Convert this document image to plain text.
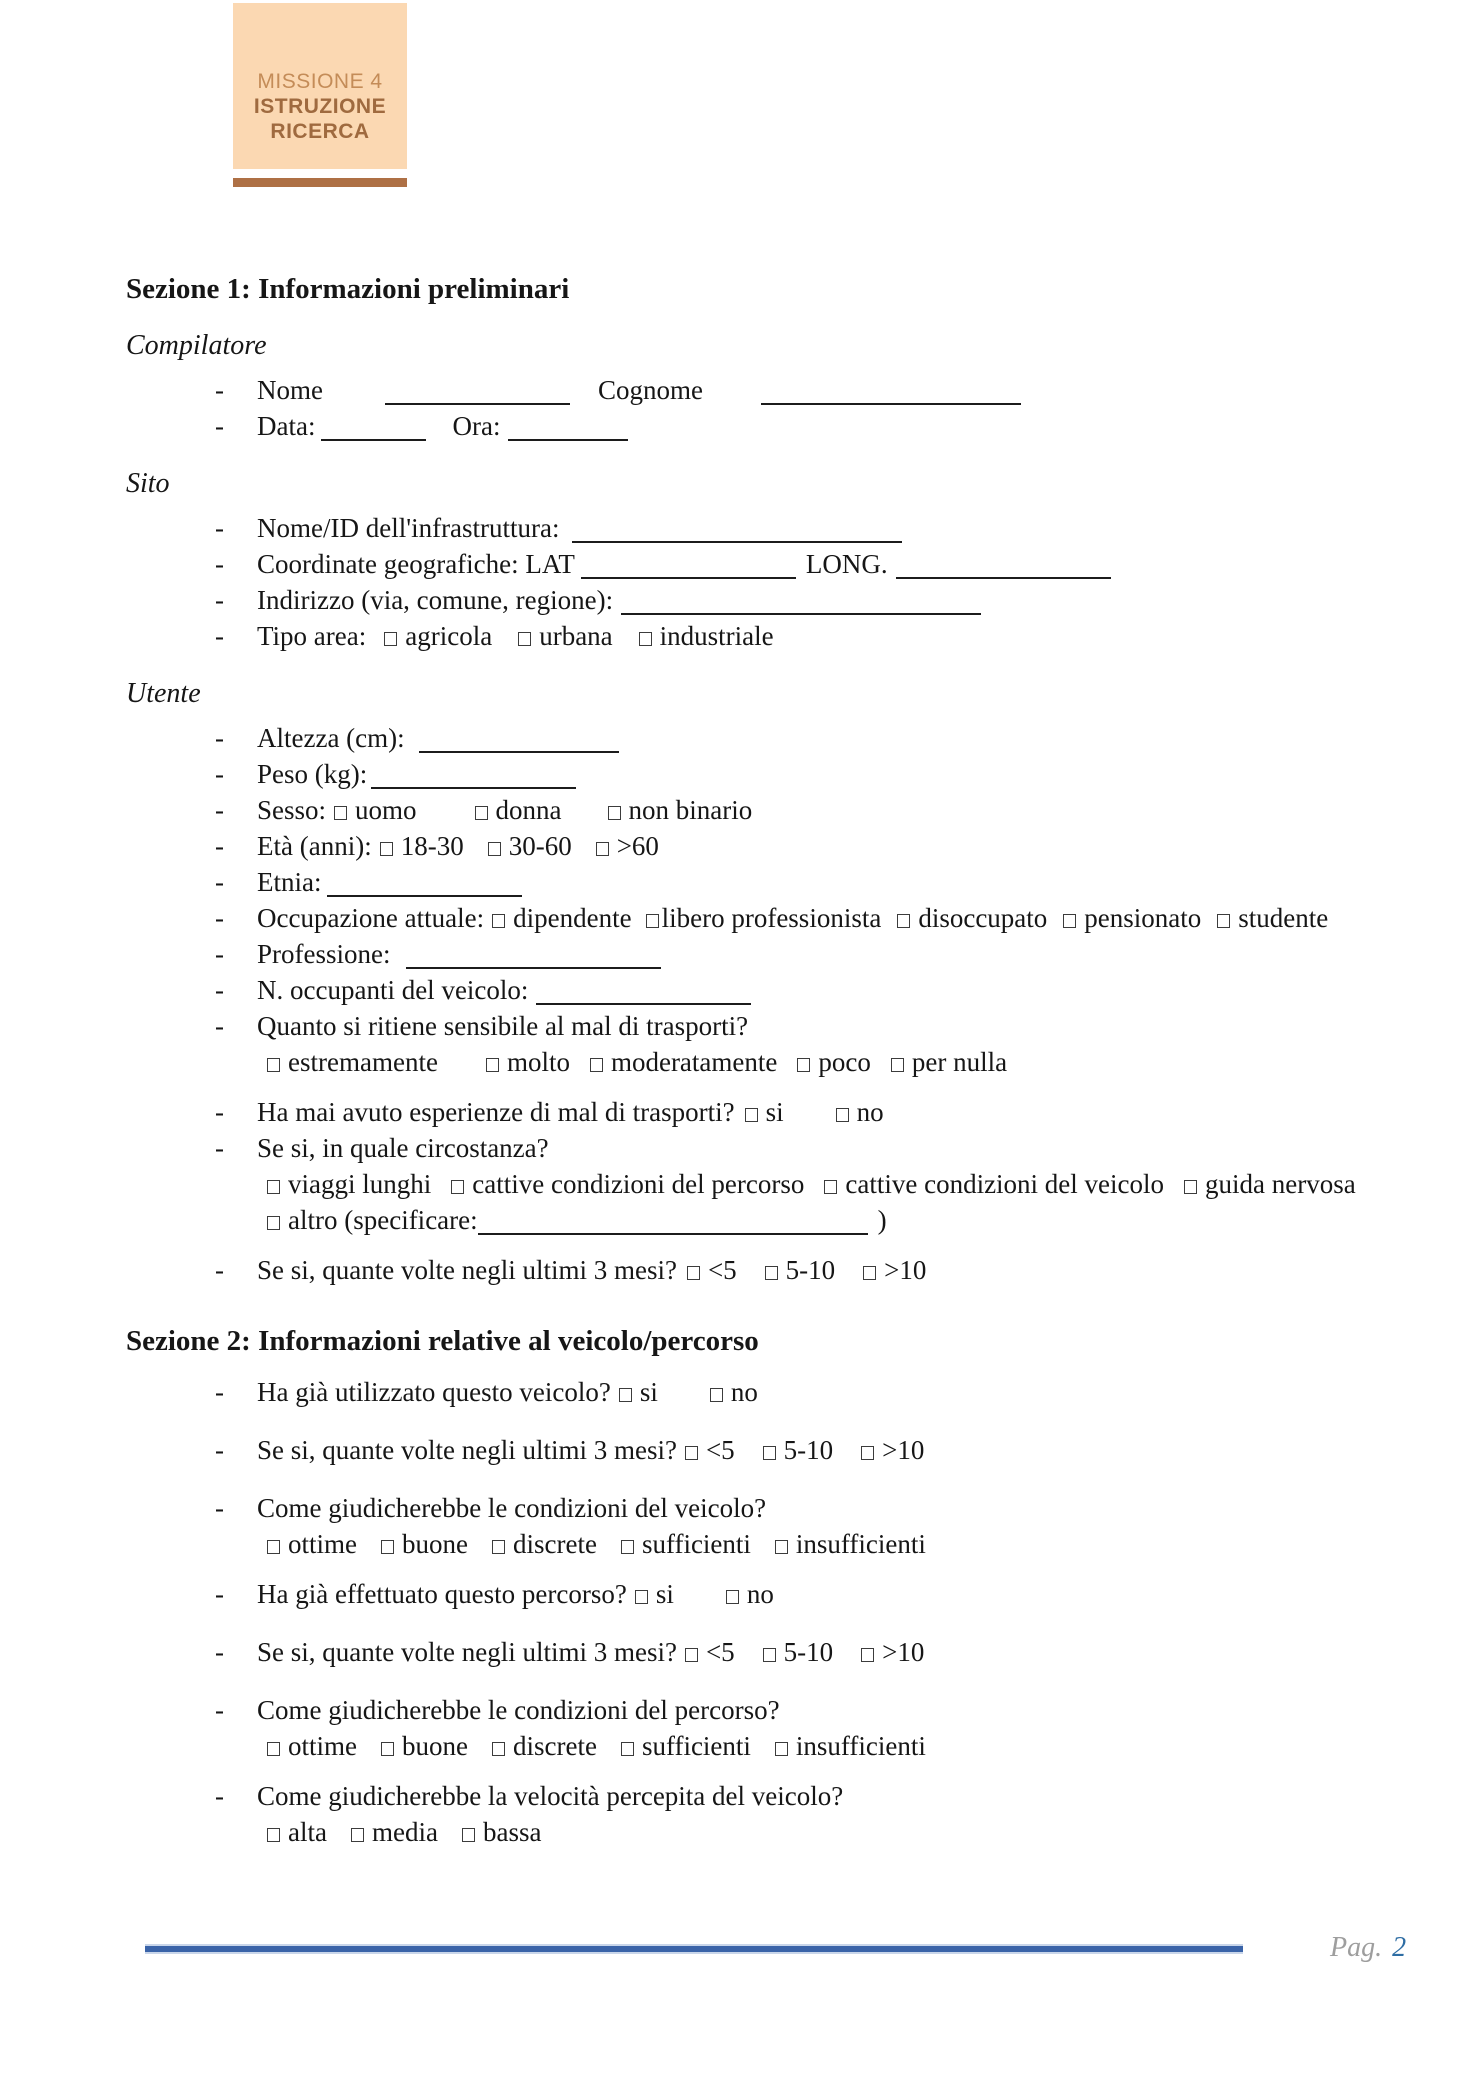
MISSIONE 4
ISTRUZIONE
RICERCA
Sezione 1: Informazioni preliminari
Compilatore
- Nome	Cognome
- Data:	Ora:
Sito
- Nome/ID dell'infrastruttura:
- Coordinate geografiche: LAT	LONG.
- Indirizzo (via, comune, regione):
- Tipo area: agricola urbana industriale
Utente
- Altezza (cm):
- Peso (kg):
- Sesso: uomo	donna non binario
- Età (anni): 18-30 30-60 >60
- Etnia:
- Occupazione attuale: dipendente libero professionista disoccupato pensionato studente
- Professione:
- N. occupanti del veicolo:
- Quanto si ritiene sensibile al mal di trasporti?
estremamente	molto moderatamente poco per nulla
- Ha mai avuto esperienze di mal di trasporti? si	no
- Se si, in quale circostanza?
viaggi lunghi cattive condizioni del percorso cattive condizioni del veicolo guida nervosa
altro (specificare:	)
- Se si, quante volte negli ultimi 3 mesi? <5 5-10 >10
Sezione 2: Informazioni relative al veicolo/percorso
- Ha già utilizzato questo veicolo? si	no
- Se si, quante volte negli ultimi 3 mesi? <5 5-10 >10
- Come giudicherebbe le condizioni del veicolo?
ottime buone discrete sufficienti insufficienti
- Ha già effettuato questo percorso? si	no
- Se si, quante volte negli ultimi 3 mesi? <5 5-10 >10
- Come giudicherebbe le condizioni del percorso?
ottime buone discrete sufficienti insufficienti
- Come giudicherebbe la velocità percepita del veicolo?
alta media bassa
Pag. 2
